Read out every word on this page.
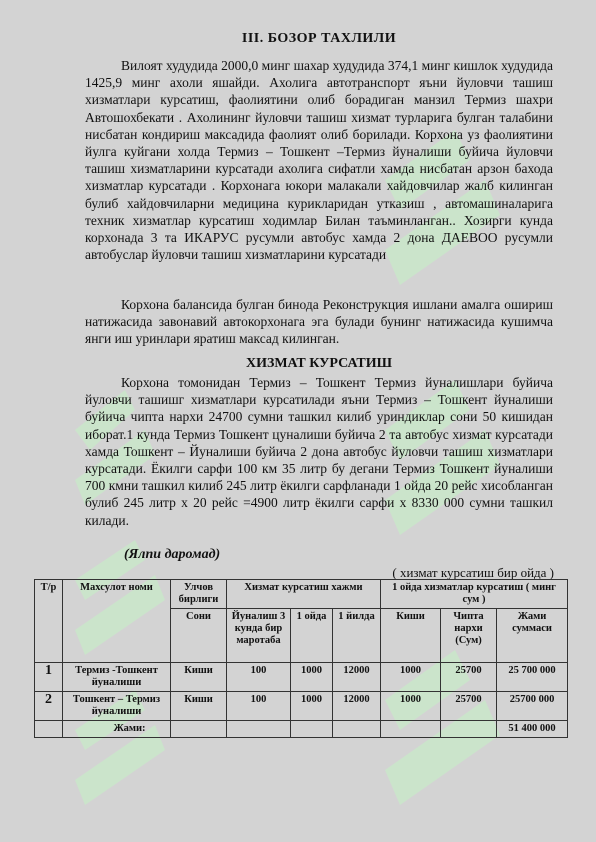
III. БОЗОР ТАХЛИЛИ

Вилоят худудида 2000,0 минг шахар худудида 374,1 минг кишлок худудида 1425,9 минг ахоли яшайди. Ахолига автотранспорт яъни йуловчи ташиш хизматлари курсатиш, фаолиятини олиб борадиган манзил Термиз шахри Автошохбекати . Ахолининг йуловчи ташиш хизмат турларига булган талабини нисбатан кондириш максадида фаолият олиб борилади. Корхона уз фаолиятини йулга куйгани холда Термиз – Тошкент –Термиз йуналиши буйича йуловчи ташиш хизматларини курсатади ахолига сифатли хамда нисбатан арзон бахода хизматлар курсатади . Корхонага юкори малакали хайдовчилар жалб килинган булиб хайдовчиларни медицина курикларидан утказиш , автомашиналарига техник хизматлар курсатиш ходимлар Билан таъминланган.. Хозирги кунда корхонада 3 та ИКАРУС русумли автобус хамда 2 дона ДАЕВОО русумли автобуслар йуловчи ташиш хизматларини курсатади

Корхона балансида булган бинода Реконструкция ишлани амалга ошириш натижасида завонавий автокорхонага эга булади бунинг натижасида кушимча янги иш уринлари яратиш максад килинган.

ХИЗМАТ КУРСАТИШ

Корхона томонидан Термиз – Тошкент Термиз йуналишлари буйича йуловчи ташишг хизматлари курсатилади яъни Термиз – Тошкент йуналиши буйича чипта нархи 24700 сумни ташкил килиб уриндиклар сони 50 кишидан иборат.1 кунда Термиз Тошкент цуналиши буйича 2 та автобус хизмат курсатади хамда Тошкент – Йуналиши буйича 2 дона автобус йуловчи ташиш хизматлари курсатади. Ёкилги сарфи 100 км 35 литр бу дегани Термиз Тошкент йуналиши 700 кмни ташкил килиб 245 литр ёкилги сарфланади 1 ойда 20 рейс хисобланган булиб 245 литр х 20 рейс =4900 литр ёкилги сарфи х 8330 000 сумни ташкил килади.

(Ялпи даромад)
( хизмат курсатиш бир ойда )
Т/р	Махсулот номи	Улчов бирлиги	Хизмат курсатиш хажми			1 ойда хизматлар курсатиш ( минг сум )		
		Сони	Йуналиш 3 кунда бир маротаба	1 ойда	1 йилда	Киши	Чипта нархи (Сум)	Жами суммаси
1	Термиз -Тошкент йуналиши	Киши	100	1000	12000	1000	25700	25 700 000
2	Тошкент – Термиз йуналиши	Киши	100	1000	12000	1000	25700	25700 000
	Жами:							51 400 000
